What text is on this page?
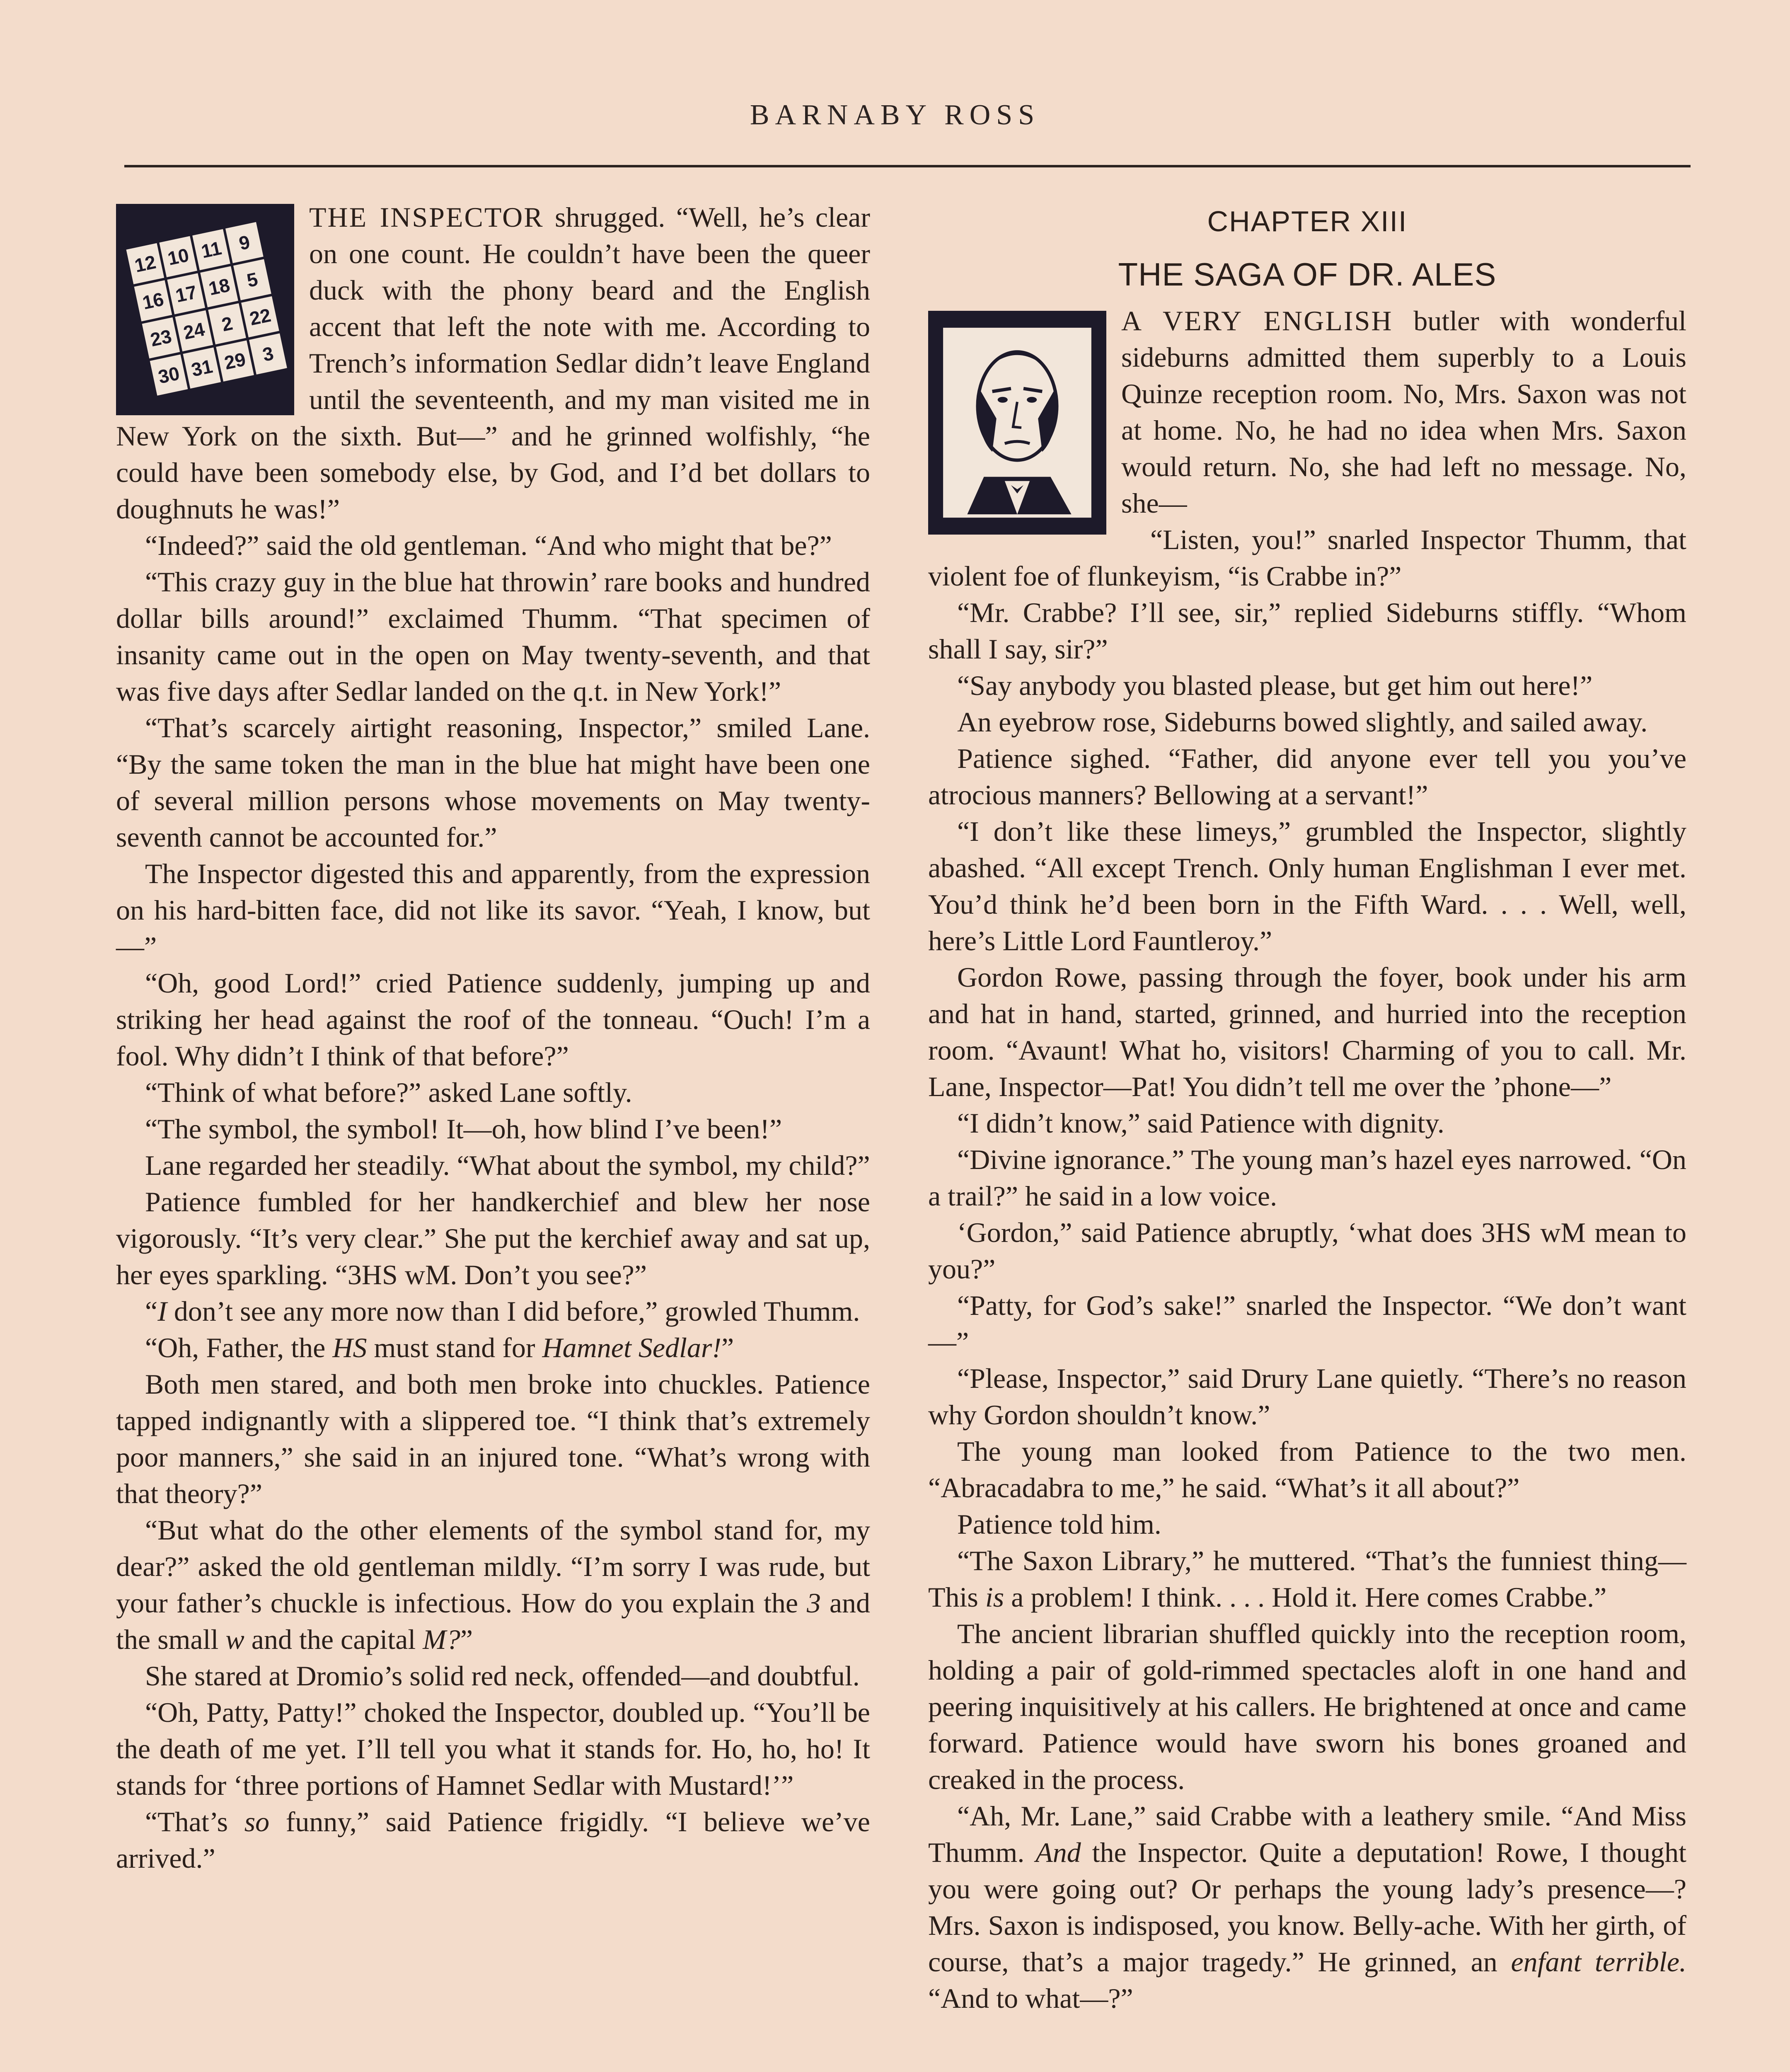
BARNABY ROSS
12 10 11 9
16 17 18 5
23 24 2 22
30 31 29 3

THE INSPECTOR shrugged. “Well, he’s clear on one count. He couldn’t have been the queer duck with the phony beard and the English accent that left the note with me. According to Trench’s information Sedlar didn’t leave England until the seventeenth, and my man visited me in New York on the sixth. But—” and he grinned wolfishly, “he could have been somebody else, by God, and I’d bet dollars to doughnuts he was!”

“Indeed?” said the old gentleman. “And who might that be?”

“This crazy guy in the blue hat throwin’ rare books and hundred dollar bills around!” exclaimed Thumm. “That specimen of insanity came out in the open on May twenty-seventh, and that was five days after Sedlar landed on the q.t. in New York!”

“That’s scarcely airtight reasoning, Inspector,” smiled Lane. “By the same token the man in the blue hat might have been one of several million persons whose movements on May twenty-seventh cannot be accounted for.”

The Inspector digested this and apparently, from the expression on his hard-bitten face, did not like its savor. “Yeah, I know, but—”

“Oh, good Lord!” cried Patience suddenly, jumping up and striking her head against the roof of the tonneau. “Ouch! I’m a fool. Why didn’t I think of that before?”

“Think of what before?” asked Lane softly.

“The symbol, the symbol! It—oh, how blind I’ve been!”

Lane regarded her steadily. “What about the symbol, my child?”

Patience fumbled for her handkerchief and blew her nose vigorously. “It’s very clear.” She put the kerchief away and sat up, her eyes sparkling. “3HS wM. Don’t you see?”

“I don’t see any more now than I did before,” growled Thumm.

“Oh, Father, the HS must stand for Hamnet Sedlar!”

Both men stared, and both men broke into chuckles. Patience tapped indignantly with a slippered toe. “I think that’s extremely poor manners,” she said in an injured tone. “What’s wrong with that theory?”

“But what do the other elements of the symbol stand for, my dear?” asked the old gentleman mildly. “I’m sorry I was rude, but your father’s chuckle is infectious. How do you explain the 3 and the small w and the capital M?”

She stared at Dromio’s solid red neck, offended—and doubtful.

“Oh, Patty, Patty!” choked the Inspector, doubled up. “You’ll be the death of me yet. I’ll tell you what it stands for. Ho, ho, ho! It stands for ‘three portions of Hamnet Sedlar with Mustard!’”

“That’s so funny,” said Patience frigidly. “I believe we’ve arrived.”

CHAPTER XIII
THE SAGA OF DR. ALES

A VERY ENGLISH butler with wonderful sideburns admitted them superbly to a Louis Quinze reception room. No, Mrs. Saxon was not at home. No, he had no idea when Mrs. Saxon would return. No, she had left no message. No, she—

“Listen, you!” snarled Inspector Thumm, that violent foe of flunkeyism, “is Crabbe in?”

“Mr. Crabbe? I’ll see, sir,” replied Sideburns stiffly. “Whom shall I say, sir?”

“Say anybody you blasted please, but get him out here!”

An eyebrow rose, Sideburns bowed slightly, and sailed away.

Patience sighed. “Father, did anyone ever tell you you’ve atrocious manners? Bellowing at a servant!”

“I don’t like these limeys,” grumbled the Inspector, slightly abashed. “All except Trench. Only human Englishman I ever met. You’d think he’d been born in the Fifth Ward. . . . Well, well, here’s Little Lord Fauntleroy.”

Gordon Rowe, passing through the foyer, book under his arm and hat in hand, started, grinned, and hurried into the reception room. “Avaunt! What ho, visitors! Charming of you to call. Mr. Lane, Inspector—Pat! You didn’t tell me over the ’phone—”

“I didn’t know,” said Patience with dignity.

“Divine ignorance.” The young man’s hazel eyes narrowed. “On a trail?” he said in a low voice.

‘Gordon,” said Patience abruptly, ‘what does 3HS wM mean to you?”

“Patty, for God’s sake!” snarled the Inspector. “We don’t want—”

“Please, Inspector,” said Drury Lane quietly. “There’s no reason why Gordon shouldn’t know.”

The young man looked from Patience to the two men. “Abracadabra to me,” he said. “What’s it all about?”

Patience told him.

“The Saxon Library,” he muttered. “That’s the funniest thing— This is a problem! I think. . . . Hold it. Here comes Crabbe.”

The ancient librarian shuffled quickly into the reception room, holding a pair of gold-rimmed spectacles aloft in one hand and peering inquisitively at his callers. He brightened at once and came forward. Patience would have sworn his bones groaned and creaked in the process.

“Ah, Mr. Lane,” said Crabbe with a leathery smile. “And Miss Thumm. And the Inspector. Quite a deputation! Rowe, I thought you were going out? Or perhaps the young lady’s presence—? Mrs. Saxon is indisposed, you know. Belly-ache. With her girth, of course, that’s a major tragedy.” He grinned, an enfant terrible. “And to what—?”
